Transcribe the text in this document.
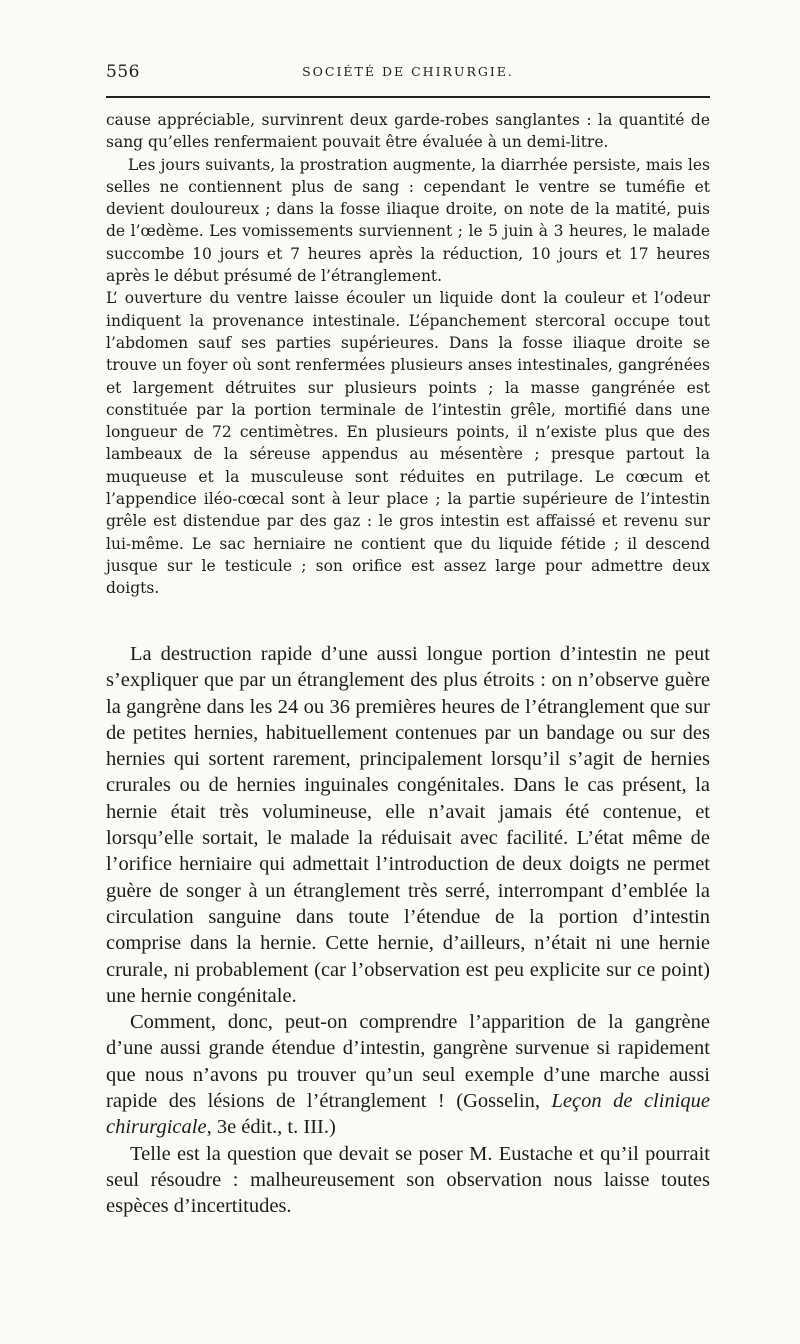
556	SOCIÉTÉ DE CHIRURGIE.

cause appréciable, survinrent deux garde-robes sanglantes : la quantité de sang qu’elles renfermaient pouvait être évaluée à un demi-litre.

Les jours suivants, la prostration augmente, la diarrhée persiste, mais les selles ne contiennent plus de sang : cependant le ventre se tuméfie et devient douloureux ; dans la fosse iliaque droite, on note de la matité, puis de l’œdème. Les vomissements surviennent ; le 5 juin à 3 heures, le malade succombe 10 jours et 7 heures après la réduction, 10 jours et 17 heures après le début présumé de l’étranglement.

L’ ouverture du ventre laisse écouler un liquide dont la couleur et l’odeur indiquent la provenance intestinale. L’épanchement stercoral occupe tout l’abdomen sauf ses parties supérieures. Dans la fosse iliaque droite se trouve un foyer où sont renfermées plusieurs anses intestinales, gangrénées et largement détruites sur plusieurs points ; la masse gangrénée est constituée par la portion terminale de l’intestin grêle, mortifié dans une longueur de 72 centimètres. En plusieurs points, il n’existe plus que des lambeaux de la séreuse appendus au mésentère ; presque partout la muqueuse et la musculeuse sont réduites en putrilage. Le cœcum et l’appendice iléo-cœcal sont à leur place ; la partie supérieure de l’intestin grêle est distendue par des gaz : le gros intestin est affaissé et revenu sur lui-même. Le sac herniaire ne contient que du liquide fétide ; il descend jusque sur le testicule ; son orifice est assez large pour admettre deux doigts.

La destruction rapide d’une aussi longue portion d’intestin ne peut s’expliquer que par un étranglement des plus étroits : on n’observe guère la gangrène dans les 24 ou 36 premières heures de l’étranglement que sur de petites hernies, habituellement contenues par un bandage ou sur des hernies qui sortent rarement, principalement lorsqu’il s’agit de hernies crurales ou de hernies inguinales congénitales. Dans le cas présent, la hernie était très volumineuse, elle n’avait jamais été contenue, et lorsqu’elle sortait, le malade la réduisait avec facilité. L’état même de l’orifice herniaire qui admettait l’introduction de deux doigts ne permet guère de songer à un étranglement très serré, interrompant d’emblée la circulation sanguine dans toute l’étendue de la portion d’intestin comprise dans la hernie. Cette hernie, d’ailleurs, n’était ni une hernie crurale, ni probablement (car l’observation est peu explicite sur ce point) une hernie congénitale.

Comment, donc, peut-on comprendre l’apparition de la gangrène d’une aussi grande étendue d’intestin, gangrène survenue si rapidement que nous n’avons pu trouver qu’un seul exemple d’une marche aussi rapide des lésions de l’étranglement ! (Gosselin, Leçon de clinique chirurgicale, 3e édit., t. III.)

Telle est la question que devait se poser M. Eustache et qu’il pourrait seul résoudre : malheureusement son observation nous laisse toutes espèces d’incertitudes.
